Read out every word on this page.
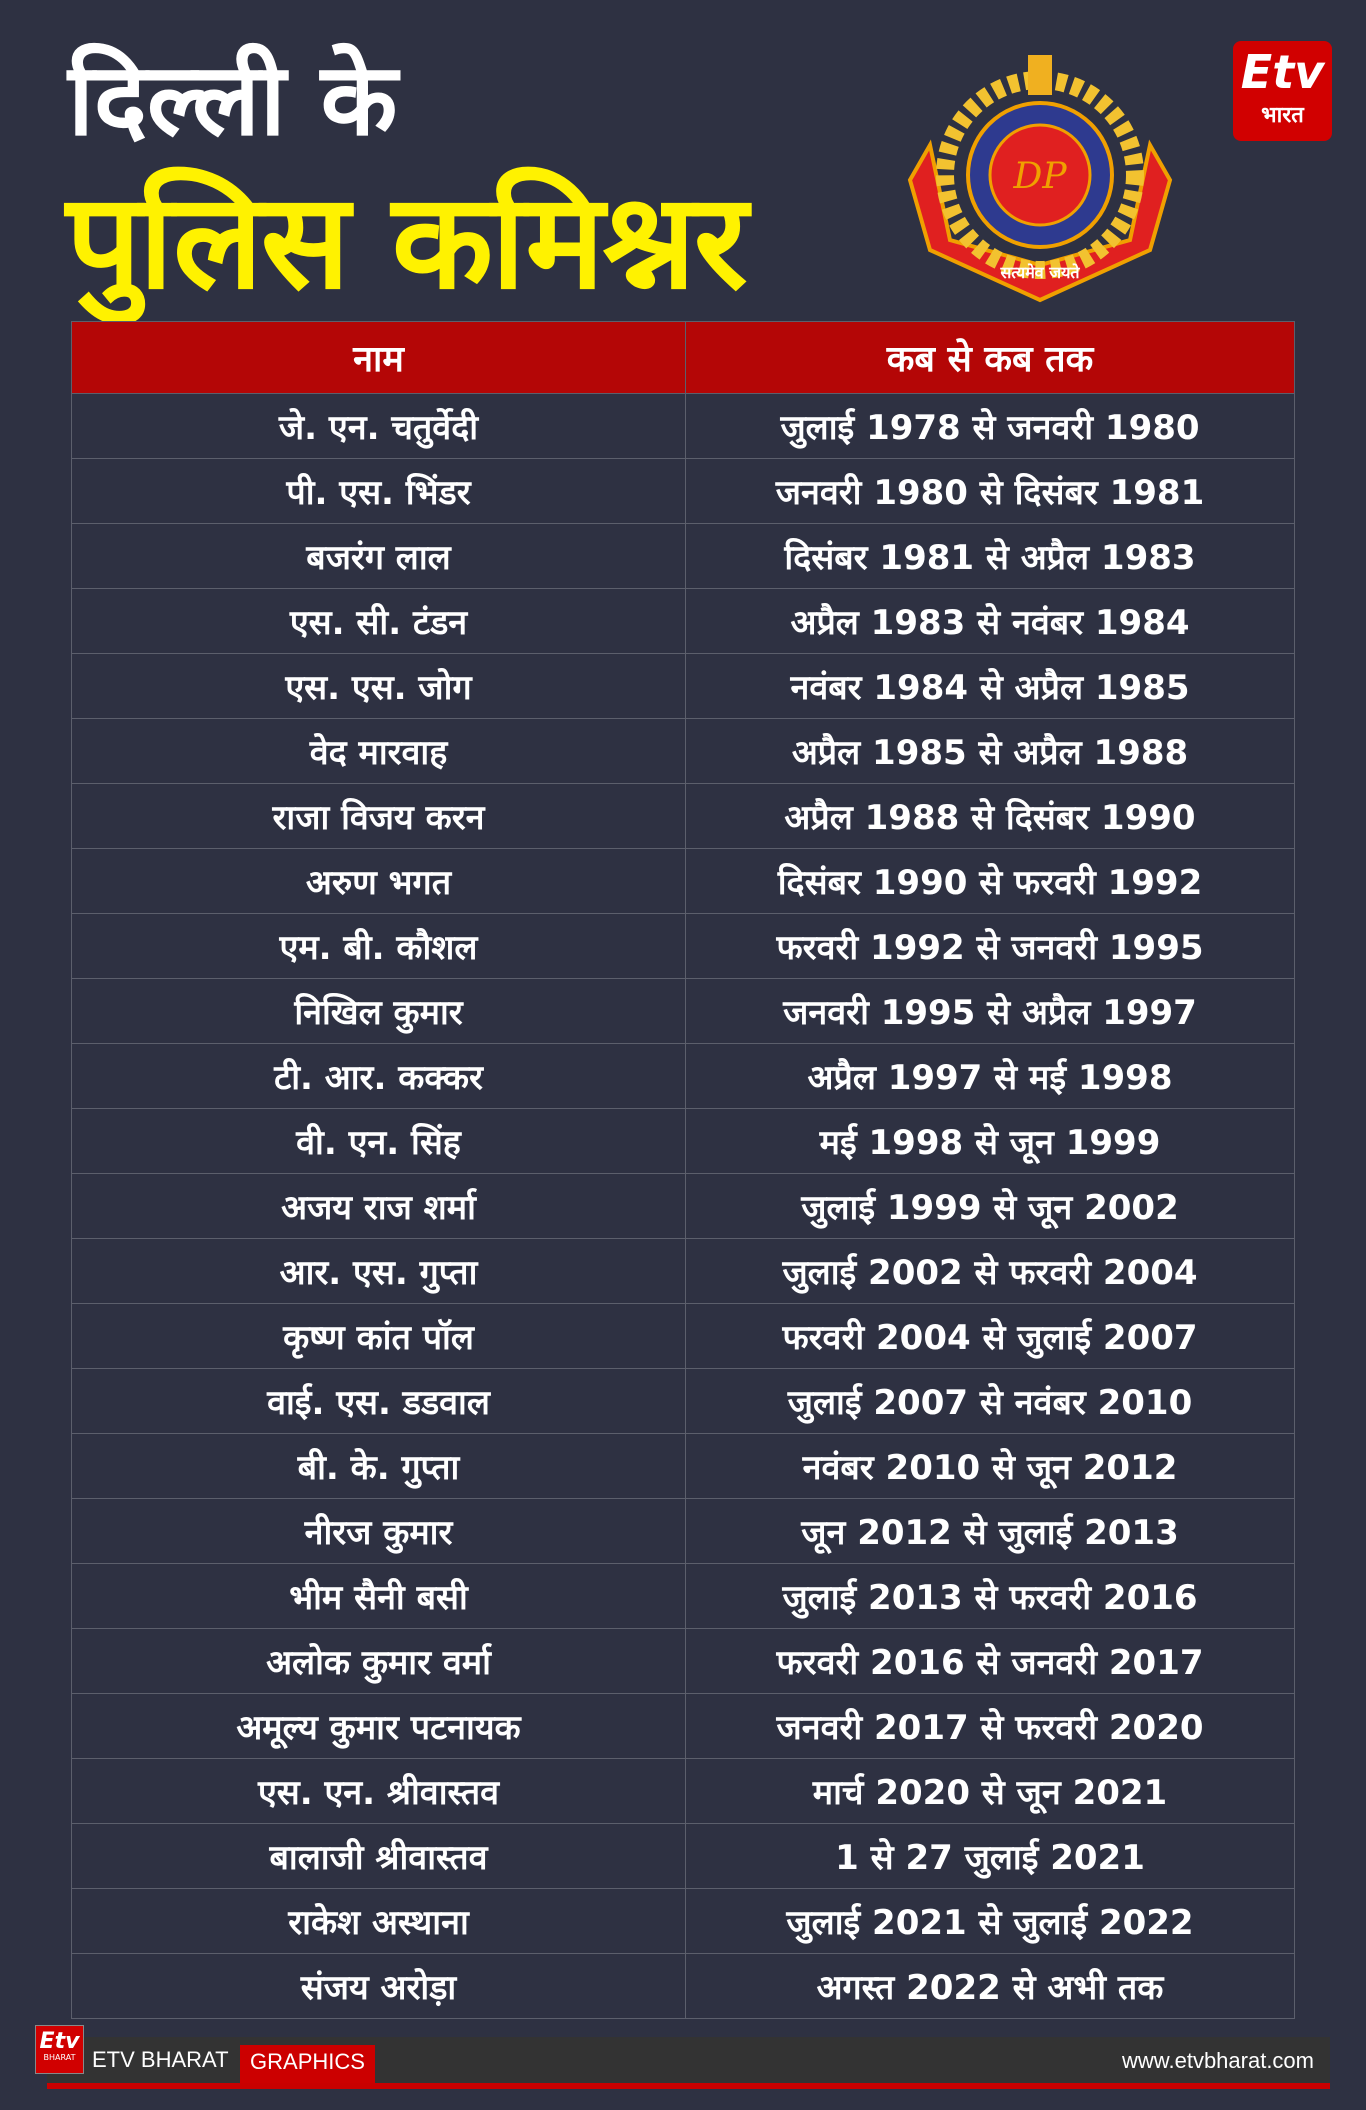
दिल्ली के
पुलिस कमिश्नर	DP
सत्यमेव जयते
Etv
भारत
नाम	कब से कब तक
जे. एन. चतुर्वेदी	जुलाई 1978 से जनवरी 1980
पी. एस. भिंडर	जनवरी 1980 से दिसंबर 1981
बजरंग लाल	दिसंबर 1981 से अप्रैल 1983
एस. सी. टंडन	अप्रैल 1983 से नवंबर 1984
एस. एस. जोग	नवंबर 1984 से अप्रैल 1985
वेद मारवाह	अप्रैल 1985 से अप्रैल 1988
राजा विजय करन	अप्रैल 1988 से दिसंबर 1990
अरुण भगत	दिसंबर 1990 से फरवरी 1992
एम. बी. कौशल	फरवरी 1992 से जनवरी 1995
निखिल कुमार	जनवरी 1995 से अप्रैल 1997
टी. आर. कक्कर	अप्रैल 1997 से मई 1998
वी. एन. सिंह	मई 1998 से जून 1999
अजय राज शर्मा	जुलाई 1999 से जून 2002
आर. एस. गुप्ता	जुलाई 2002 से फरवरी 2004
कृष्ण कांत पॉल	फरवरी 2004 से जुलाई 2007
वाई. एस. डडवाल	जुलाई 2007 से नवंबर 2010
बी. के. गुप्ता	नवंबर 2010 से जून 2012
नीरज कुमार	जून 2012 से जुलाई 2013
भीम सैनी बसी	जुलाई 2013 से फरवरी 2016
अलोक कुमार वर्मा	फरवरी 2016 से जनवरी 2017
अमूल्य कुमार पटनायक	जनवरी 2017 से फरवरी 2020
एस. एन. श्रीवास्तव	मार्च 2020 से जून 2021
बालाजी श्रीवास्तव	1 से 27 जुलाई 2021
राकेश अस्थाना	जुलाई 2021 से जुलाई 2022
संजय अरोड़ा	अगस्त 2022 से अभी तक
Etv
BHARAT ETV BHARAT GRAPHICS	www.etvbharat.com
